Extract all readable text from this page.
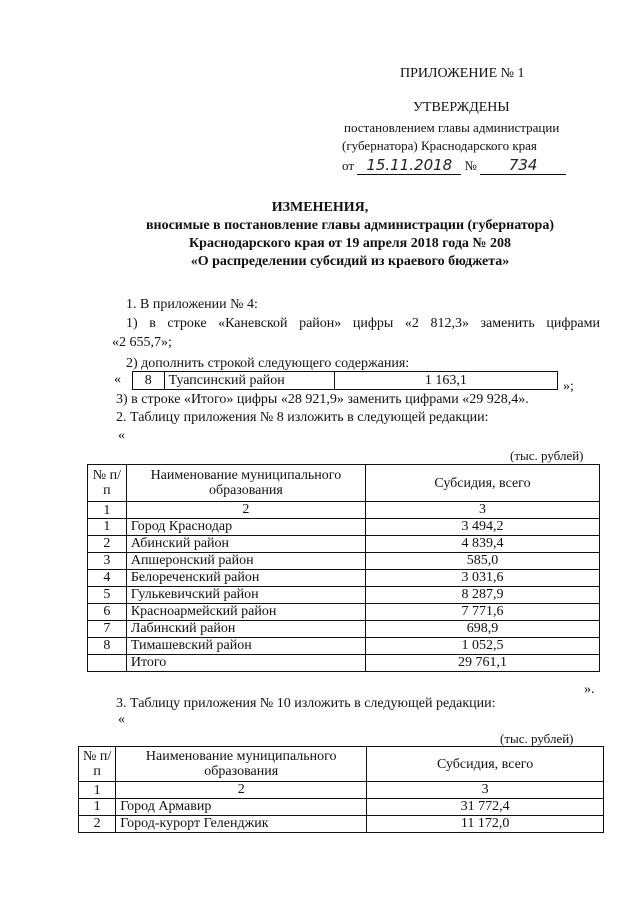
ПРИЛОЖЕНИЕ № 1
УТВЕРЖДЕНЫ
постановлением главы администрации
(губернатора) Краснодарского края
от 15.11.2018 № 734
ИЗМЕНЕНИЯ,
вносимые в постановление главы администрации (губернатора)
Краснодарского края от 19 апреля 2018 года № 208
«О распределении субсидий из краевого бюджета»
1. В приложении № 4:
1) в строке «Каневской район» цифры «2 812,3» заменить цифрами
«2 655,7»;
2) дополнить строкой следующего содержания:
« 8	Туапсинский район	1 163,1	»;
3) в строке «Итого» цифры «28 921,9» заменить цифрами «29 928,4».
2. Таблицу приложения № 8 изложить в следующей редакции:
«
(тыс. рублей)
№ п/п	Наименование муниципального образования	Субсидия, всего
1	2	3
1	Город Краснодар	3 494,2
2	Абинский район	4 839,4
3	Апшеронский район	585,0
4	Белореченский район	3 031,6
5	Гулькевичский район	8 287,9
6	Красноармейский район	7 771,6
7	Лабинский район	698,9
8	Тимашевский район	1 052,5
	Итого	29 761,1
».
3. Таблицу приложения № 10 изложить в следующей редакции:
«
(тыс. рублей)
№ п/п	Наименование муниципального образования	Субсидия, всего
1	2	3
1	Город Армавир	31 772,4
2	Город-курорт Геленджик	11 172,0
